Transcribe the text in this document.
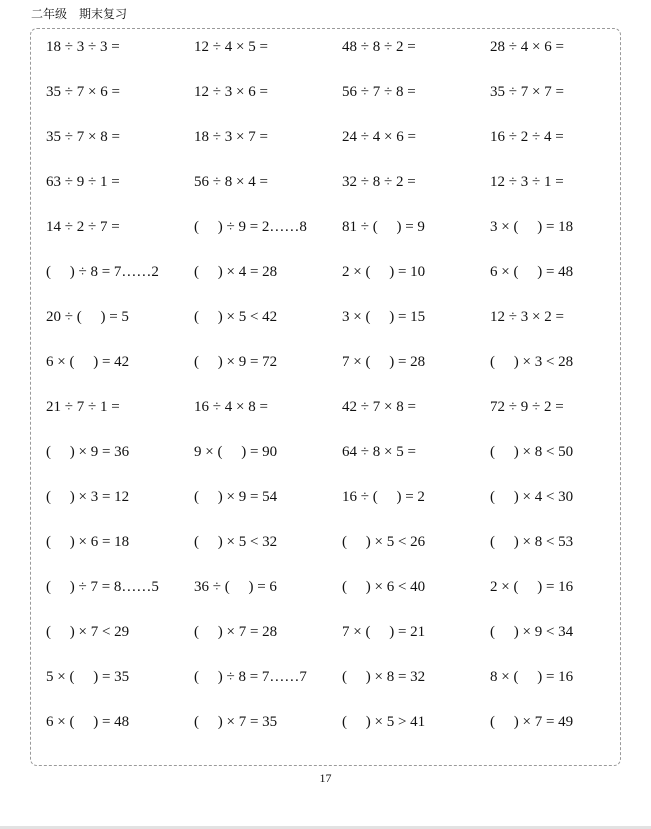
二年级　期末复习
18 ÷ 3 ÷ 3 =	12 ÷ 4 × 5 =	48 ÷ 8 ÷ 2 =	28 ÷ 4 × 6 =
35 ÷ 7 × 6 =	12 ÷ 3 × 6 =	56 ÷ 7 ÷ 8 =	35 ÷ 7 × 7 =
35 ÷ 7 × 8 =	18 ÷ 3 × 7 =	24 ÷ 4 × 6 =	16 ÷ 2 ÷ 4 =
63 ÷ 9 ÷ 1 =	56 ÷ 8 × 4 =	32 ÷ 8 ÷ 2 =	12 ÷ 3 ÷ 1 =
14 ÷ 2 ÷ 7 =	(　 ) ÷ 9 = 2……8	81 ÷ (　 ) = 9	3 × (　 ) = 18
(　 ) ÷ 8 = 7……2	(　 ) × 4 = 28	2 × (　 ) = 10	6 × (　 ) = 48
20 ÷ (　 ) = 5	(　 ) × 5 < 42	3 × (　 ) = 15	12 ÷ 3 × 2 =
6 × (　 ) = 42	(　 ) × 9 = 72	7 × (　 ) = 28	(　 ) × 3 < 28
21 ÷ 7 ÷ 1 =	16 ÷ 4 × 8 =	42 ÷ 7 × 8 =	72 ÷ 9 ÷ 2 =
(　 ) × 9 = 36	9 × (　 ) = 90	64 ÷ 8 × 5 =	(　 ) × 8 < 50
(　 ) × 3 = 12	(　 ) × 9 = 54	16 ÷ (　 ) = 2	(　 ) × 4 < 30
(　 ) × 6 = 18	(　 ) × 5 < 32	(　 ) × 5 < 26	(　 ) × 8 < 53
(　 ) ÷ 7 = 8……5	36 ÷ (　 ) = 6	(　 ) × 6 < 40	2 × (　 ) = 16
(　 ) × 7 < 29	(　 ) × 7 = 28	7 × (　 ) = 21	(　 ) × 9 < 34
5 × (　 ) = 35	(　 ) ÷ 8 = 7……7	(　 ) × 8 = 32	8 × (　 ) = 16
6 × (　 ) = 48	(　 ) × 7 = 35	(　 ) × 5 > 41	(　 ) × 7 = 49
17
